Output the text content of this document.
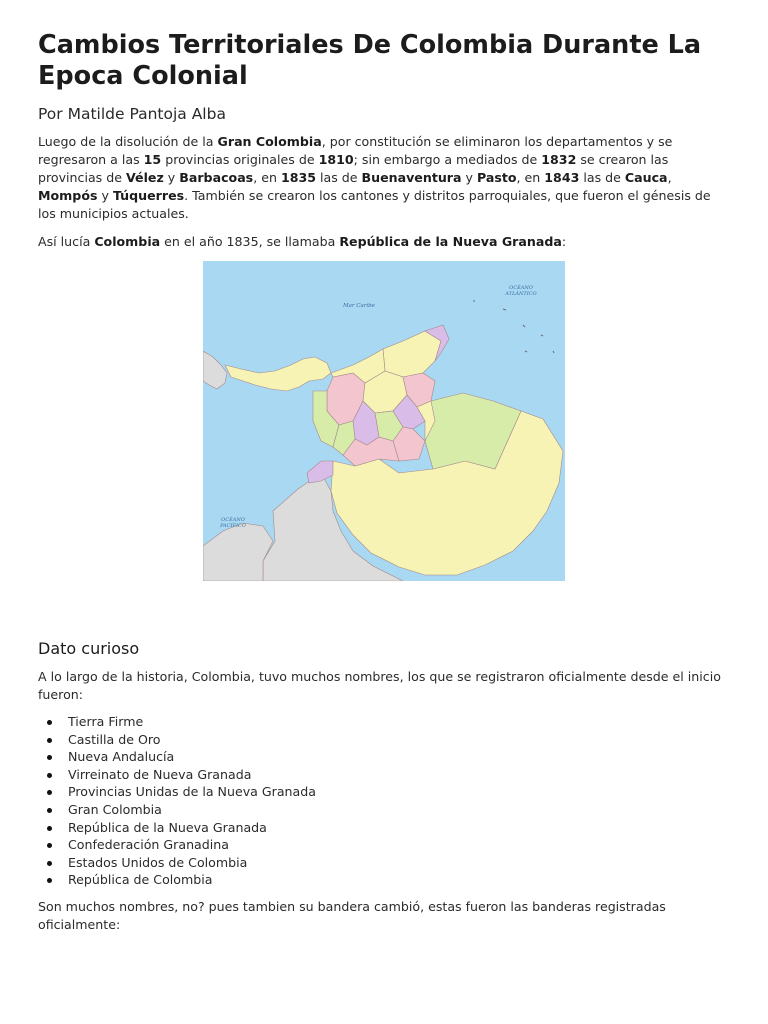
Cambios Territoriales De Colombia Durante La Epoca Colonial
Por Matilde Pantoja Alba

Luego de la disolución de la Gran Colombia, por constitución se eliminaron los departamentos y se regresaron a las 15 provincias originales de 1810; sin embargo a mediados de 1832 se crearon las provincias de Vélez y Barbacoas, en 1835 las de Buenaventura y Pasto, en 1843 las de Cauca, Mompós y Túquerres. También se crearon los cantones y distritos parroquiales, que fueron el génesis de los municipios actuales.

Así lucía Colombia en el año 1835, se llamaba República de la Nueva Granada:

Mar Caribe
OCÉANO
ATLÁNTICO
OCÉANO
PACÍFICO
Dato curioso

A lo largo de la historia, Colombia, tuvo muchos nombres, los que se registraron oficialmente desde el inicio fueron:

Tierra Firme
Castilla de Oro
Nueva Andalucía
Virreinato de Nueva Granada
Provincias Unidas de la Nueva Granada
Gran Colombia
República de la Nueva Granada
Confederación Granadina
Estados Unidos de Colombia
República de Colombia

Son muchos nombres, no? pues tambien su bandera cambió, estas fueron las banderas registradas oficialmente:
